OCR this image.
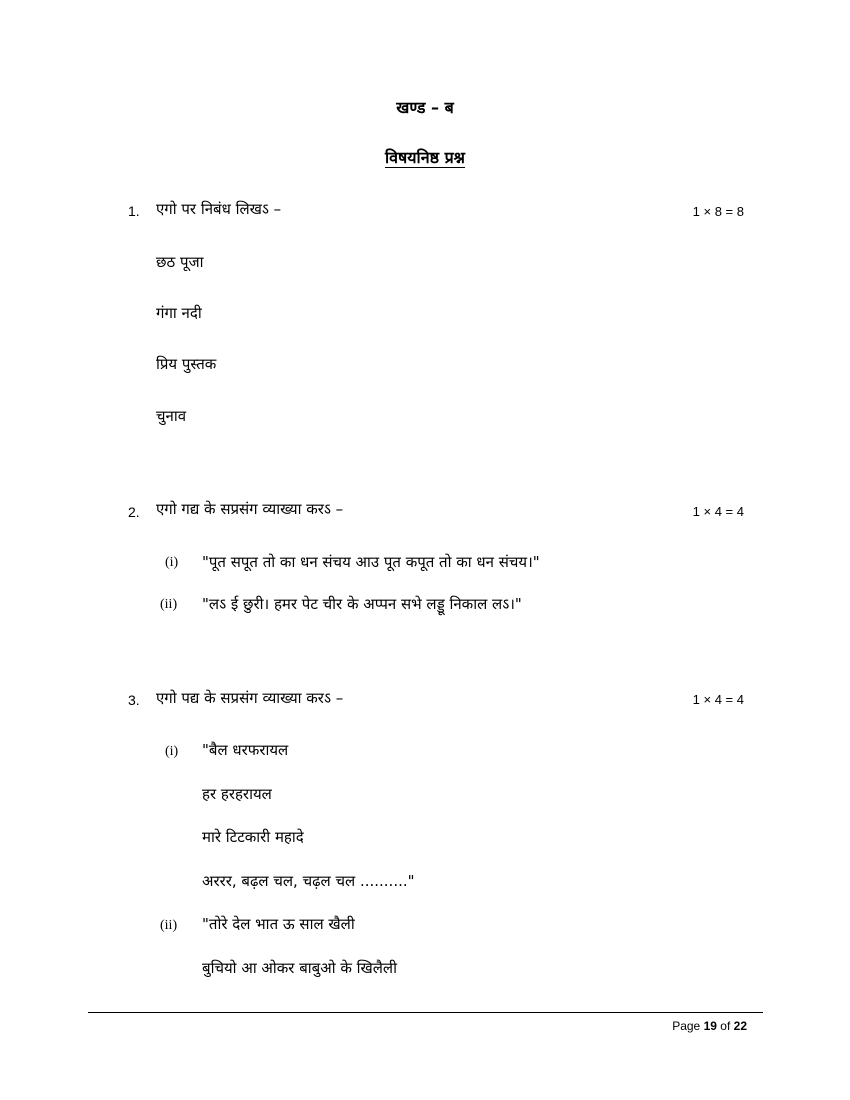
खण्ड – ब
विषयनिष्ठ प्रश्न
1. एगो पर निबंध लिखऽ –	1 × 8 = 8
छठ पूजा
गंगा नदी
प्रिय पुस्तक
चुनाव
2. एगो गद्य के सप्रसंग व्याख्या करऽ –	1 × 4 = 4
(i) "पूत सपूत तो का धन संचय आउ पूत कपूत तो का धन संचय।"
(ii) "लऽ ई छुरी। हमर पेट चीर के अप्पन सभे लड्डू निकाल लऽ।"
3. एगो पद्य के सप्रसंग व्याख्या करऽ –	1 × 4 = 4
(i) "बैल धरफरायल
हर हरहरायल
मारे टिटकारी महादे
अररर, बढ़ल चल, चढ़ल चल .........."
(ii) "तोरे देल भात ऊ साल खैली
बुचियो आ ओकर बाबुओ के खिलैली
Page 19 of 22
